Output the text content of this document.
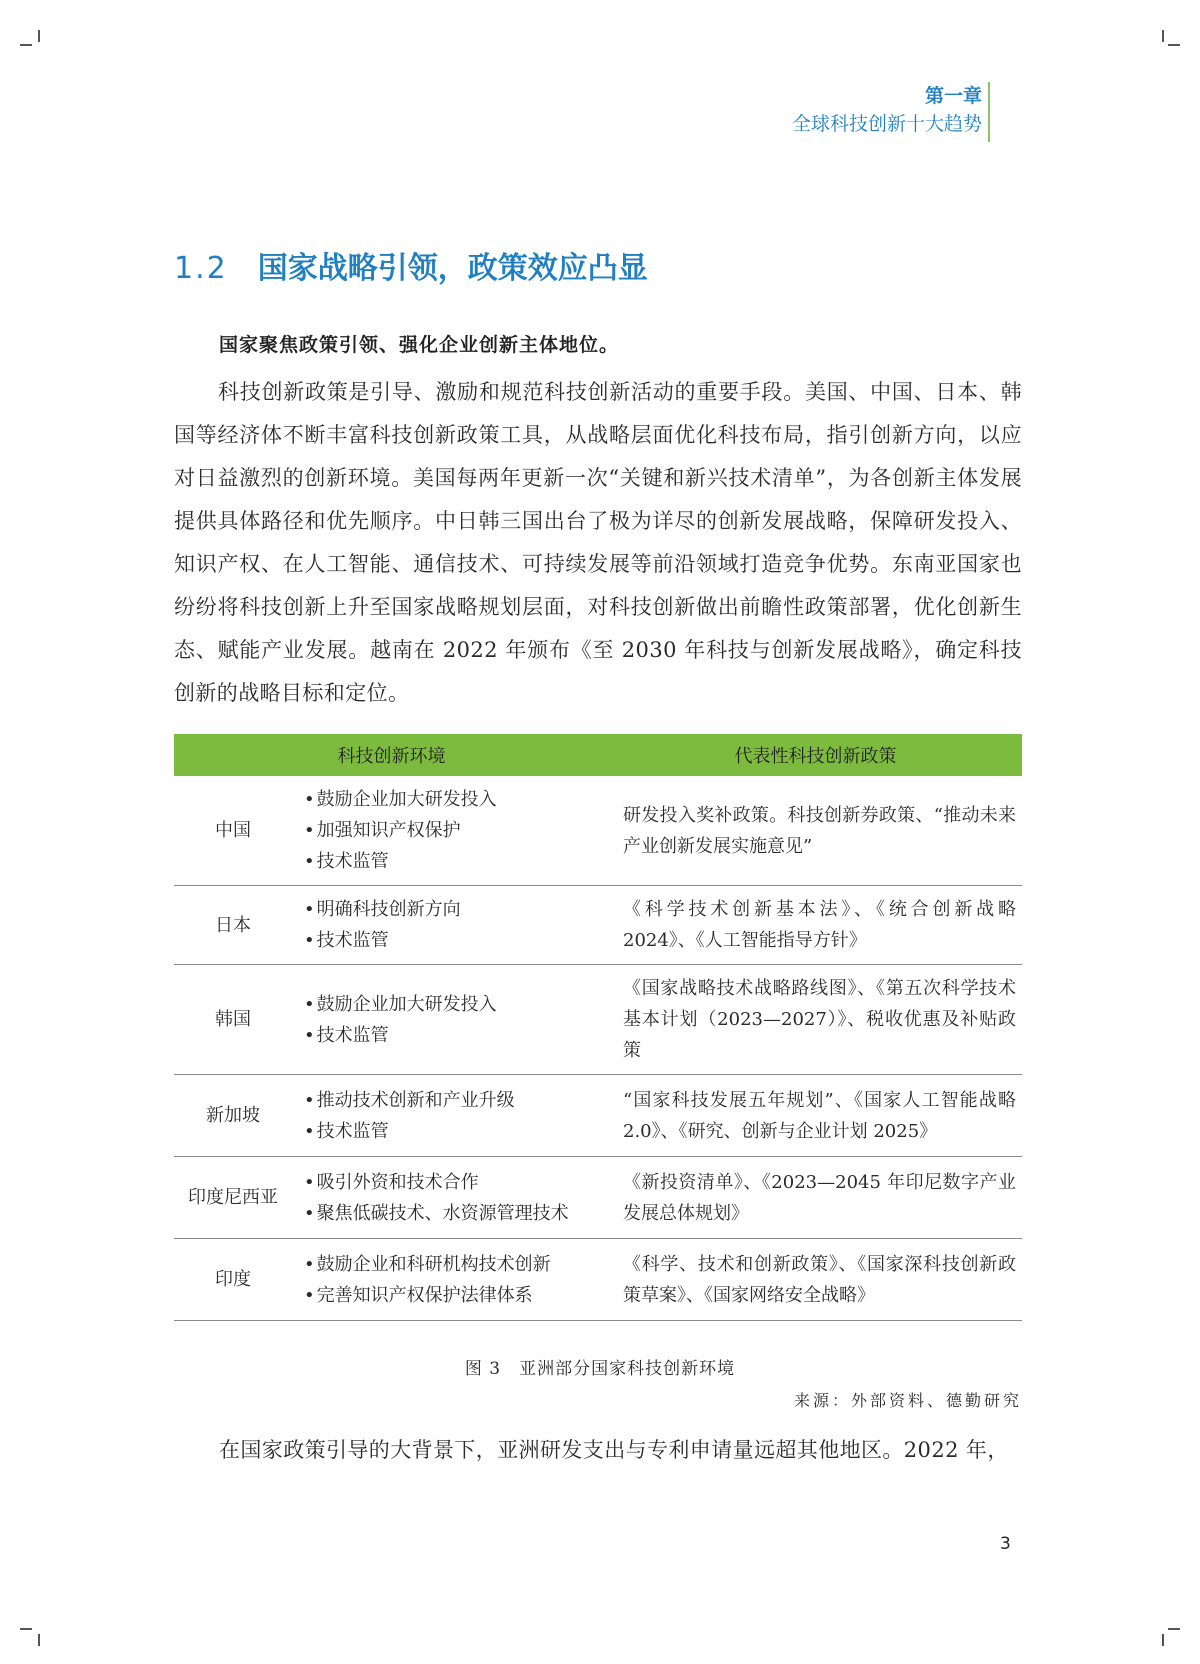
第一章
全球科技创新十大趋势
1.2 国家战略引领，政策效应凸显
国家聚焦政策引领、强化企业创新主体地位。
科技创新政策是引导、激励和规范科技创新活动的重要手段。美国、中国、日本、韩国等经济体不断丰富科技创新政策工具，从战略层面优化科技布局，指引创新方向，以应对日益激烈的创新环境。美国每两年更新一次“关键和新兴技术清单”，为各创新主体发展提供具体路径和优先顺序。中日韩三国出台了极为详尽的创新发展战略，保障研发投入、知识产权、在人工智能、通信技术、可持续发展等前沿领域打造竞争优势。东南亚国家也纷纷将科技创新上升至国家战略规划层面，对科技创新做出前瞻性政策部署，优化创新生态、赋能产业发展。越南在 2022 年颁布《至 2030 年科技与创新发展战略》，确定科技创新的战略目标和定位。
科技创新环境		代表性科技创新政策
中国	• 鼓励企业加大研发投入
• 加强知识产权保护
• 技术监管	研发投入奖补政策。科技创新券政策、“推动未来产业创新发展实施意见”
日本	• 明确科技创新方向
• 技术监管	《科学技术创新基本法》、《统合创新战略 2024》、《人工智能指导方针》
韩国	• 鼓励企业加大研发投入
• 技术监管	《国家战略技术战略路线图》、《第五次科学技术基本计划（2023—2027）》、税收优惠及补贴政策
新加坡	• 推动技术创新和产业升级
• 技术监管	“国家科技发展五年规划”、《国家人工智能战略 2.0》、《研究、创新与企业计划 2025》
印度尼西亚	• 吸引外资和技术合作
• 聚焦低碳技术、水资源管理技术	《新投资清单》、《2023—2045 年印尼数字产业发展总体规划》
印度	• 鼓励企业和科研机构技术创新
• 完善知识产权保护法律体系	《科学、技术和创新政策》、《国家深科技创新政策草案》、《国家网络安全战略》
图 3　亚洲部分国家科技创新环境
来源：外部资料、德勤研究
在国家政策引导的大背景下，亚洲研发支出与专利申请量远超其他地区。2022 年，
3
